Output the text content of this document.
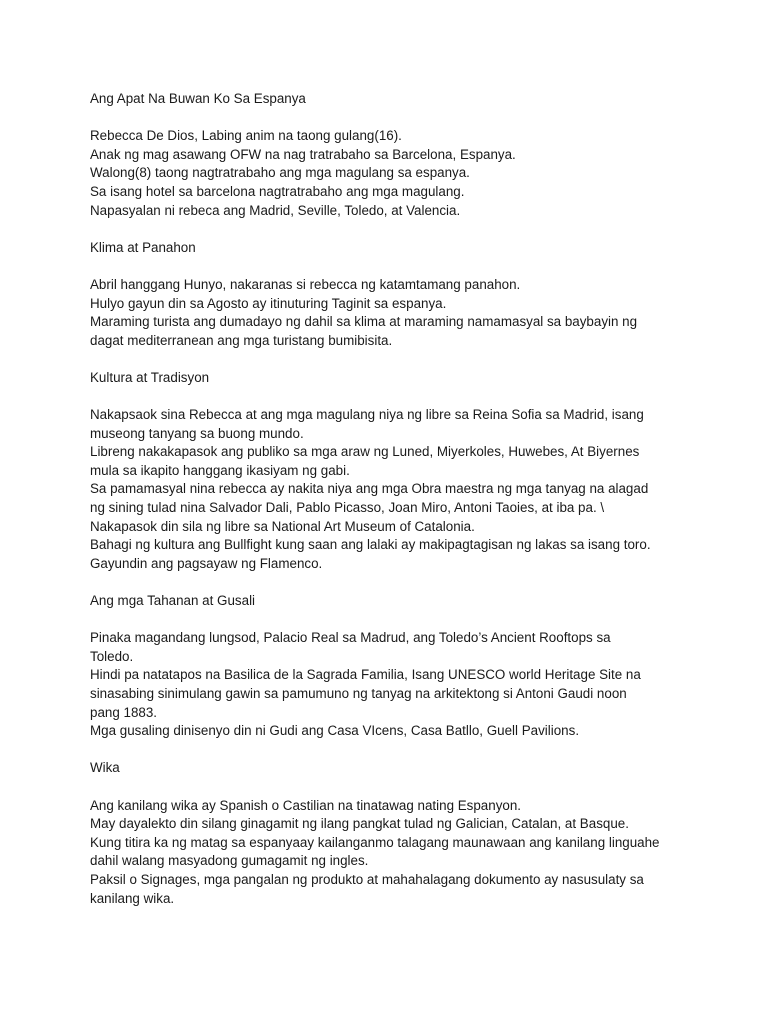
Ang Apat Na Buwan Ko Sa Espanya
Rebecca De Dios, Labing anim na taong gulang(16).
Anak ng mag asawang OFW na nag tratrabaho sa Barcelona, Espanya.
Walong(8) taong nagtratrabaho ang mga magulang sa espanya.
Sa isang hotel sa barcelona nagtratrabaho ang mga magulang.
Napasyalan ni rebeca ang Madrid, Seville, Toledo, at Valencia.
Klima at Panahon
Abril hanggang Hunyo, nakaranas si rebecca ng katamtamang panahon.
Hulyo gayun din sa Agosto ay itinuturing Taginit sa espanya.
Maraming turista ang dumadayo ng dahil sa klima at maraming namamasyal sa baybayin ng
dagat mediterranean ang mga turistang bumibisita.
Kultura at Tradisyon
Nakapsaok sina Rebecca at ang mga magulang niya ng libre sa Reina Sofia sa Madrid, isang
museong tanyang sa buong mundo.
Libreng nakakapasok ang publiko sa mga araw ng Luned, Miyerkoles, Huwebes, At Biyernes
mula sa ikapito hanggang ikasiyam ng gabi.
Sa pamamasyal nina rebecca ay nakita niya ang mga Obra maestra ng mga tanyag na alagad
ng sining tulad nina Salvador Dali, Pablo Picasso, Joan Miro, Antoni Taoies, at iba pa. \
Nakapasok din sila ng libre sa National Art Museum of Catalonia.
Bahagi ng kultura ang Bullfight kung saan ang lalaki ay makipagtagisan ng lakas sa isang toro.
Gayundin ang pagsayaw ng Flamenco.
Ang mga Tahanan at Gusali
Pinaka magandang lungsod, Palacio Real sa Madrud, ang Toledo’s Ancient Rooftops sa
Toledo.
Hindi pa natatapos na Basilica de la Sagrada Familia, Isang UNESCO world Heritage Site na
sinasabing sinimulang gawin sa pamumuno ng tanyag na arkitektong si Antoni Gaudi noon
pang 1883.
Mga gusaling dinisenyo din ni Gudi ang Casa VIcens, Casa Batllo, Guell Pavilions.
Wika
Ang kanilang wika ay Spanish o Castilian na tinatawag nating Espanyon.
May dayalekto din silang ginagamit ng ilang pangkat tulad ng Galician, Catalan, at Basque.
Kung titira ka ng matag sa espanyaay kailanganmo talagang maunawaan ang kanilang linguahe
dahil walang masyadong gumagamit ng ingles.
Paksil o Signages, mga pangalan ng produkto at mahahalagang dokumento ay nasusulaty sa
kanilang wika.
